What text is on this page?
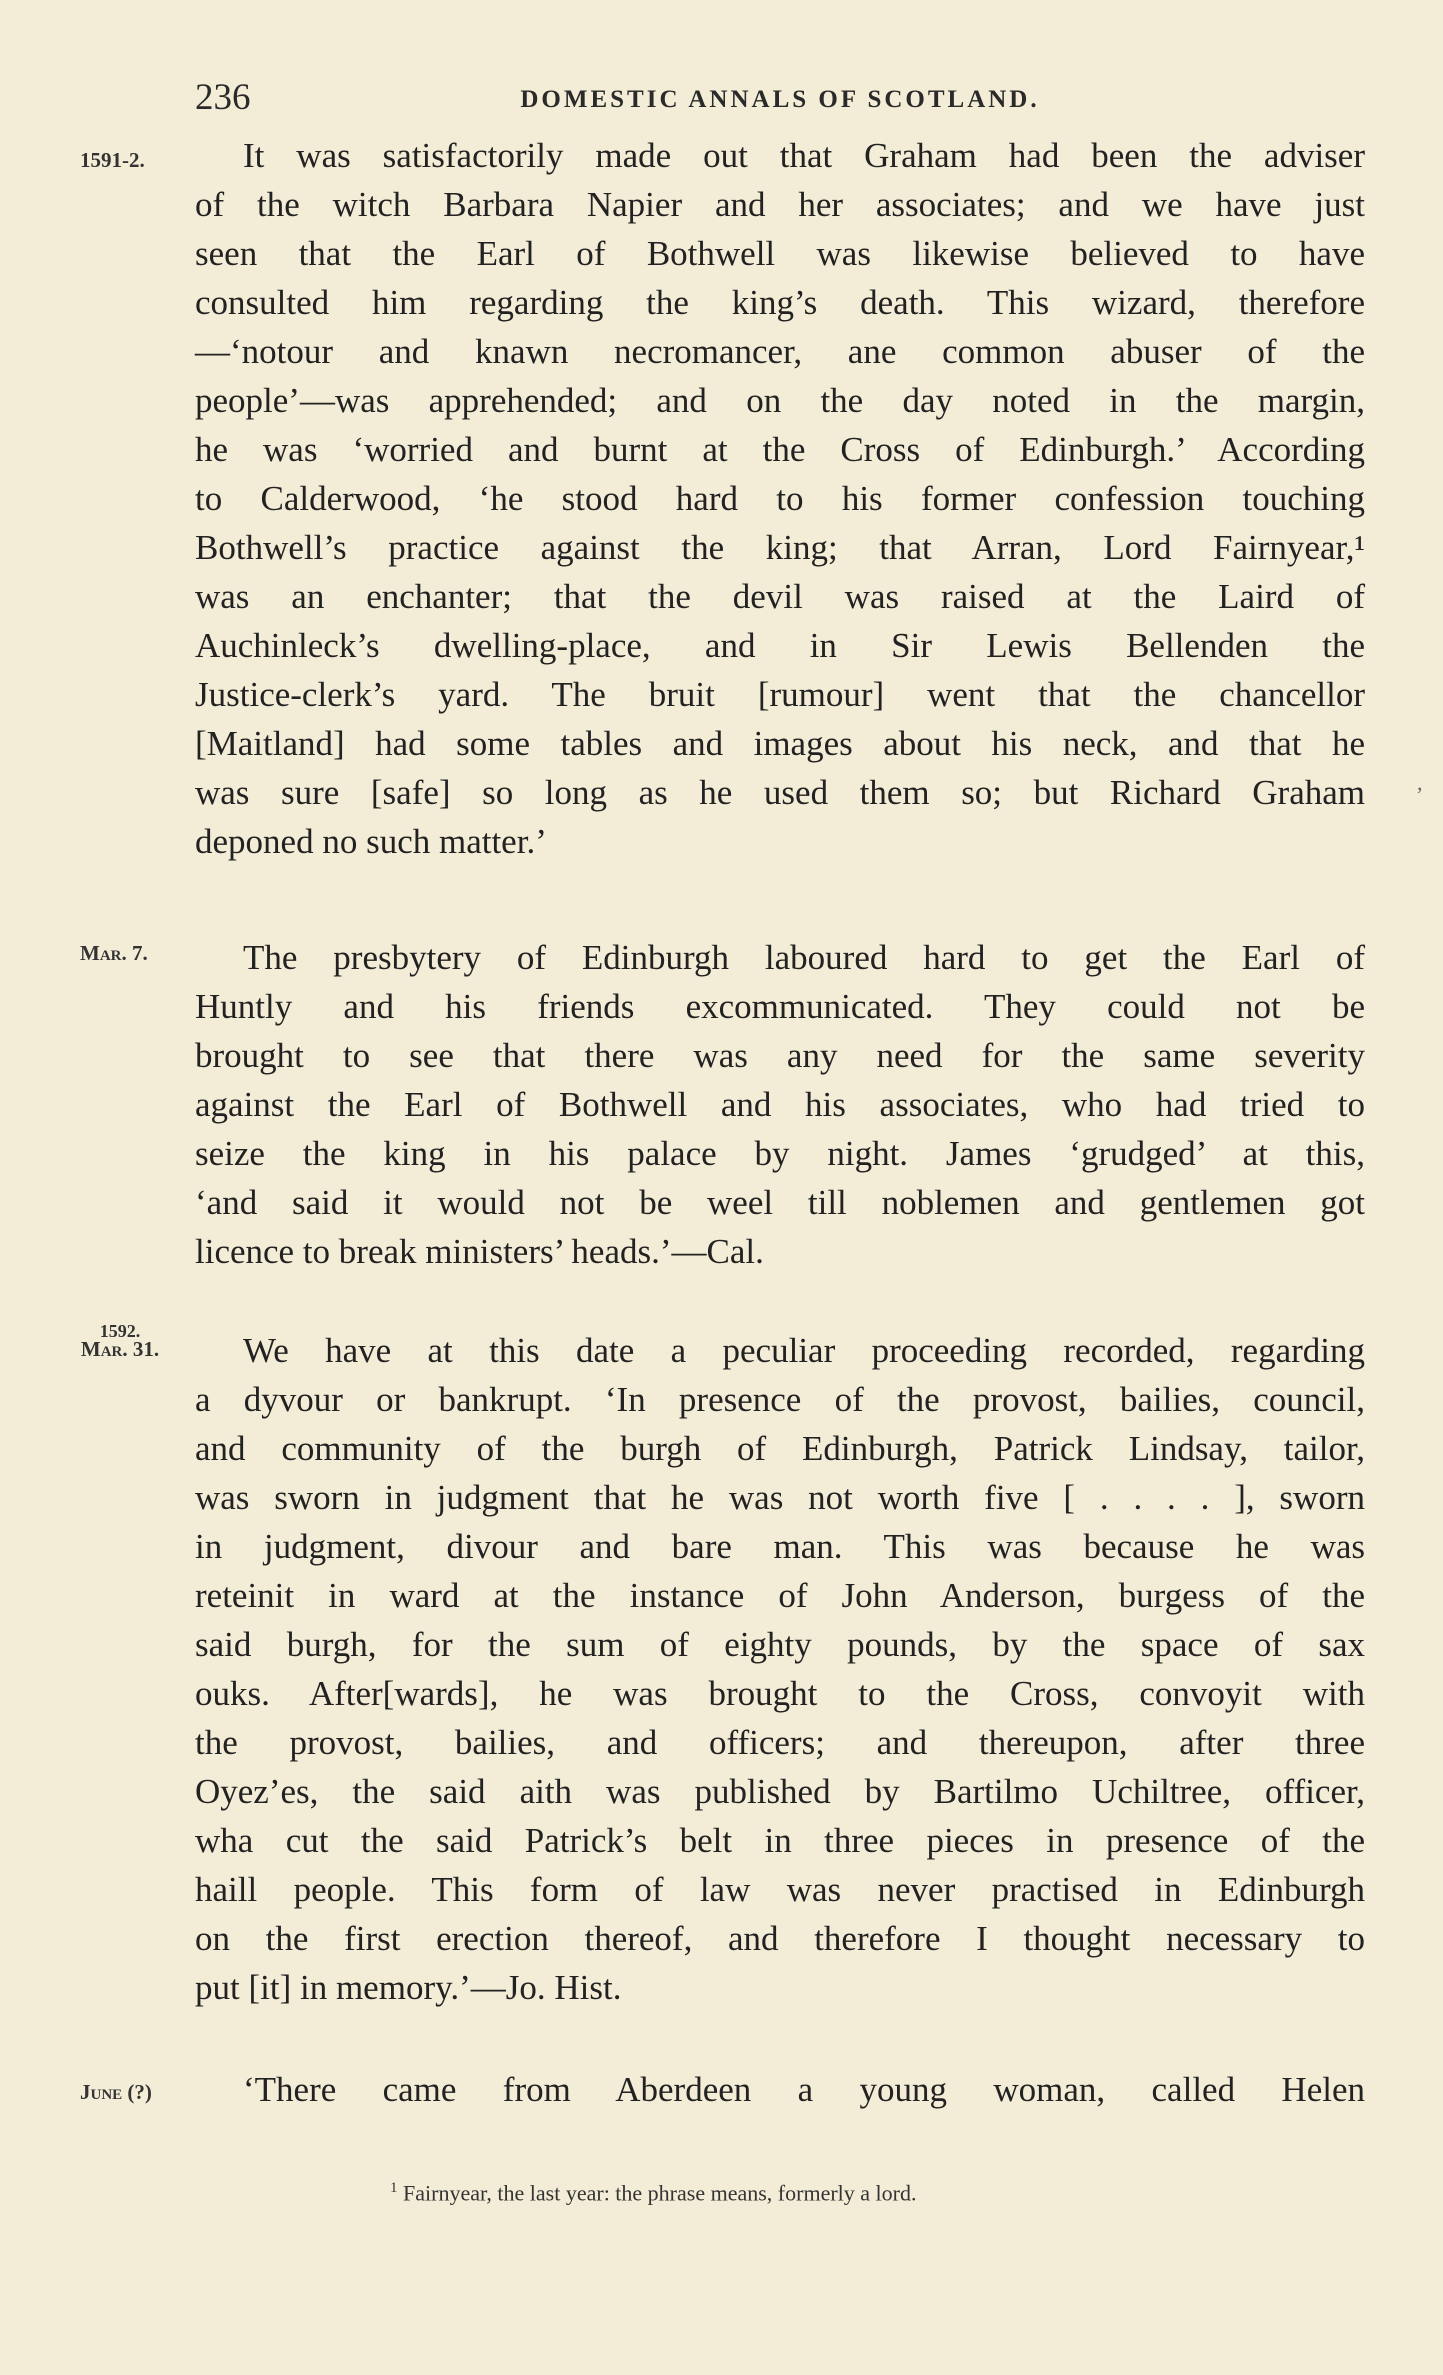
236	DOMESTIC ANNALS OF SCOTLAND.
1591-2.	It was satisfactorily made out that Graham had been the adviser
of the witch Barbara Napier and her associates; and we have just
seen that the Earl of Bothwell was likewise believed to have
consulted him regarding the king’s death. This wizard, therefore
—‘notour and knawn necromancer, ane common abuser of the
people’—was apprehended; and on the day noted in the margin,
he was ‘worried and burnt at the Cross of Edinburgh.’ According
to Calderwood, ‘he stood hard to his former confession touching
Bothwell’s practice against the king; that Arran, Lord Fairnyear,¹
was an enchanter; that the devil was raised at the Laird of
Auchinleck’s dwelling-place, and in Sir Lewis Bellenden the
Justice-clerk’s yard. The bruit [rumour] went that the chancellor
[Maitland] had some tables and images about his neck, and that he
was sure [safe] so long as he used them so; but Richard Graham
deponed no such matter.’
Mar. 7.	The presbytery of Edinburgh laboured hard to get the Earl of
Huntly and his friends excommunicated. They could not be
brought to see that there was any need for the same severity
against the Earl of Bothwell and his associates, who had tried to
seize the king in his palace by night. James ‘grudged’ at this,
‘and said it would not be weel till noblemen and gentlemen got
licence to break ministers’ heads.’—Cal.
1592.
Mar. 31.	We have at this date a peculiar proceeding recorded, regarding
a dyvour or bankrupt. ‘In presence of the provost, bailies, council,
and community of the burgh of Edinburgh, Patrick Lindsay, tailor,
was sworn in judgment that he was not worth five [ . . . . ], sworn
in judgment, divour and bare man. This was because he was
reteinit in ward at the instance of John Anderson, burgess of the
said burgh, for the sum of eighty pounds, by the space of sax
ouks. After[wards], he was brought to the Cross, convoyit with
the provost, bailies, and officers; and thereupon, after three
Oyez’es, the said aith was published by Bartilmo Uchiltree, officer,
wha cut the said Patrick’s belt in three pieces in presence of the
haill people. This form of law was never practised in Edinburgh
on the first erection thereof, and therefore I thought necessary to
put [it] in memory.’—Jo. Hist.
June (?)	‘There came from Aberdeen a young woman, called Helen
$^1$ Fairnyear, the last year: the phrase means, formerly a lord.
,
